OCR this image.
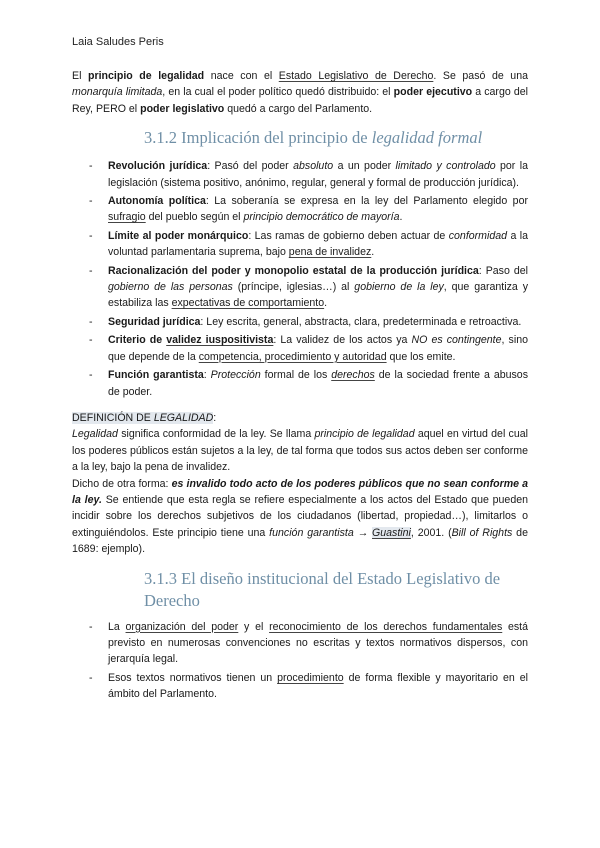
Laia Saludes Peris

El principio de legalidad nace con el Estado Legislativo de Derecho. Se pasó de una monarquía limitada, en la cual el poder político quedó distribuido: el poder ejecutivo a cargo del Rey, PERO el poder legislativo quedó a cargo del Parlamento.

3.1.2 Implicación del principio de legalidad formal
- Revolución jurídica: Pasó del poder absoluto a un poder limitado y controlado por la legislación (sistema positivo, anónimo, regular, general y formal de producción jurídica).
- Autonomía política: La soberanía se expresa en la ley del Parlamento elegido por sufragio del pueblo según el principio democrático de mayoría.
- Límite al poder monárquico: Las ramas de gobierno deben actuar de conformidad a la voluntad parlamentaria suprema, bajo pena de invalidez.
- Racionalización del poder y monopolio estatal de la producción jurídica: Paso del gobierno de las personas (príncipe, iglesias…) al gobierno de la ley, que garantiza y estabiliza las expectativas de comportamiento.
- Seguridad jurídica: Ley escrita, general, abstracta, clara, predeterminada e retroactiva.
- Criterio de validez iuspositivista: La validez de los actos ya NO es contingente, sino que depende de la competencia, procedimiento y autoridad que los emite.
- Función garantista: Protección formal de los derechos de la sociedad frente a abusos de poder.

DEFINICIÓN DE LEGALIDAD:

Legalidad significa conformidad de la ley. Se llama principio de legalidad aquel en virtud del cual los poderes públicos están sujetos a la ley, de tal forma que todos sus actos deben ser conforme a la ley, bajo la pena de invalidez.

Dicho de otra forma: es invalido todo acto de los poderes públicos que no sean conforme a la ley. Se entiende que esta regla se refiere especialmente a los actos del Estado que pueden incidir sobre los derechos subjetivos de los ciudadanos (libertad, propiedad…), limitarlos o extinguiéndolos. Este principio tiene una función garantista → Guastini, 2001. (Bill of Rights de 1689: ejemplo).

3.1.3 El diseño institucional del Estado Legislativo de Derecho
- La organización del poder y el reconocimiento de los derechos fundamentales está previsto en numerosas convenciones no escritas y textos normativos dispersos, con jerarquía legal.
- Esos textos normativos tienen un procedimiento de forma flexible y mayoritario en el ámbito del Parlamento.
